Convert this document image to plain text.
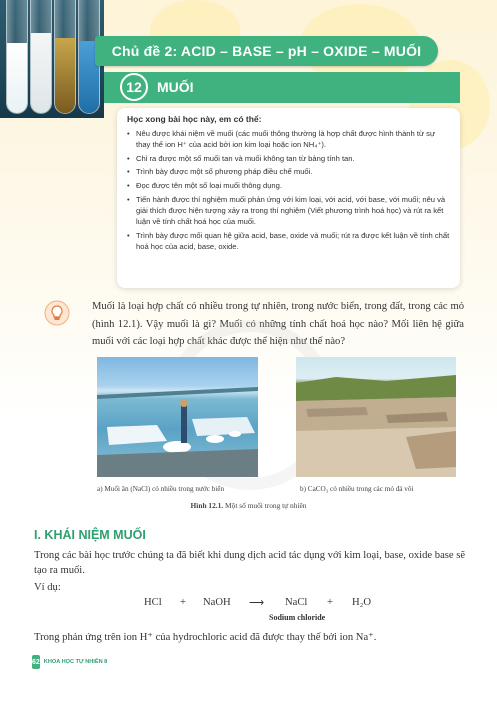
Chủ đề 2: ACID – BASE – pH – OXIDE – MUỐI
12	MUỐI
Học xong bài học này, em có thể:
• Nêu được khái niệm về muối (các muối thông thường là hợp chất được hình thành từ sự thay thế ion H⁺ của acid bởi ion kim loại hoặc ion NH₄⁺).
• Chỉ ra được một số muối tan và muối không tan từ bảng tính tan.
• Trình bày được một số phương pháp điều chế muối.
• Đọc được tên một số loại muối thông dụng.
• Tiến hành được thí nghiệm muối phản ứng với kim loại, với acid, với base, với muối; nêu và giải thích được hiện tượng xảy ra trong thí nghiệm (Viết phương trình hoá học) và rút ra kết luận về tính chất hoá học của muối.
• Trình bày được mối quan hệ giữa acid, base, oxide và muối; rút ra được kết luận về tính chất hoá học của acid, base, oxide.
Muối là loại hợp chất có nhiều trong tự nhiên, trong nước biển, trong đất, trong các mỏ (hình 12.1). Vậy muối là gì? Muối có những tính chất hoá học nào? Mối liên hệ giữa muối với các loại hợp chất khác được thể hiện như thế nào?
a) Muối ăn (NaCl) có nhiều trong nước biển	b) CaCO₃ có nhiều trong các mỏ đá vôi
Hình 12.1. Một số muối trong tự nhiên
I. KHÁI NIỆM MUỐI
Trong các bài học trước chúng ta đã biết khi dung dịch acid tác dụng với kim loại, base, oxide base sẽ tạo ra muối.
Ví dụ:
HCl + NaOH ⟶ NaCl + H₂O
Sodium chloride
Trong phản ứng trên ion H⁺ của hydrochloric acid đã được thay thế bởi ion Na⁺.
62 KHOA HỌC TỰ NHIÊN 8
